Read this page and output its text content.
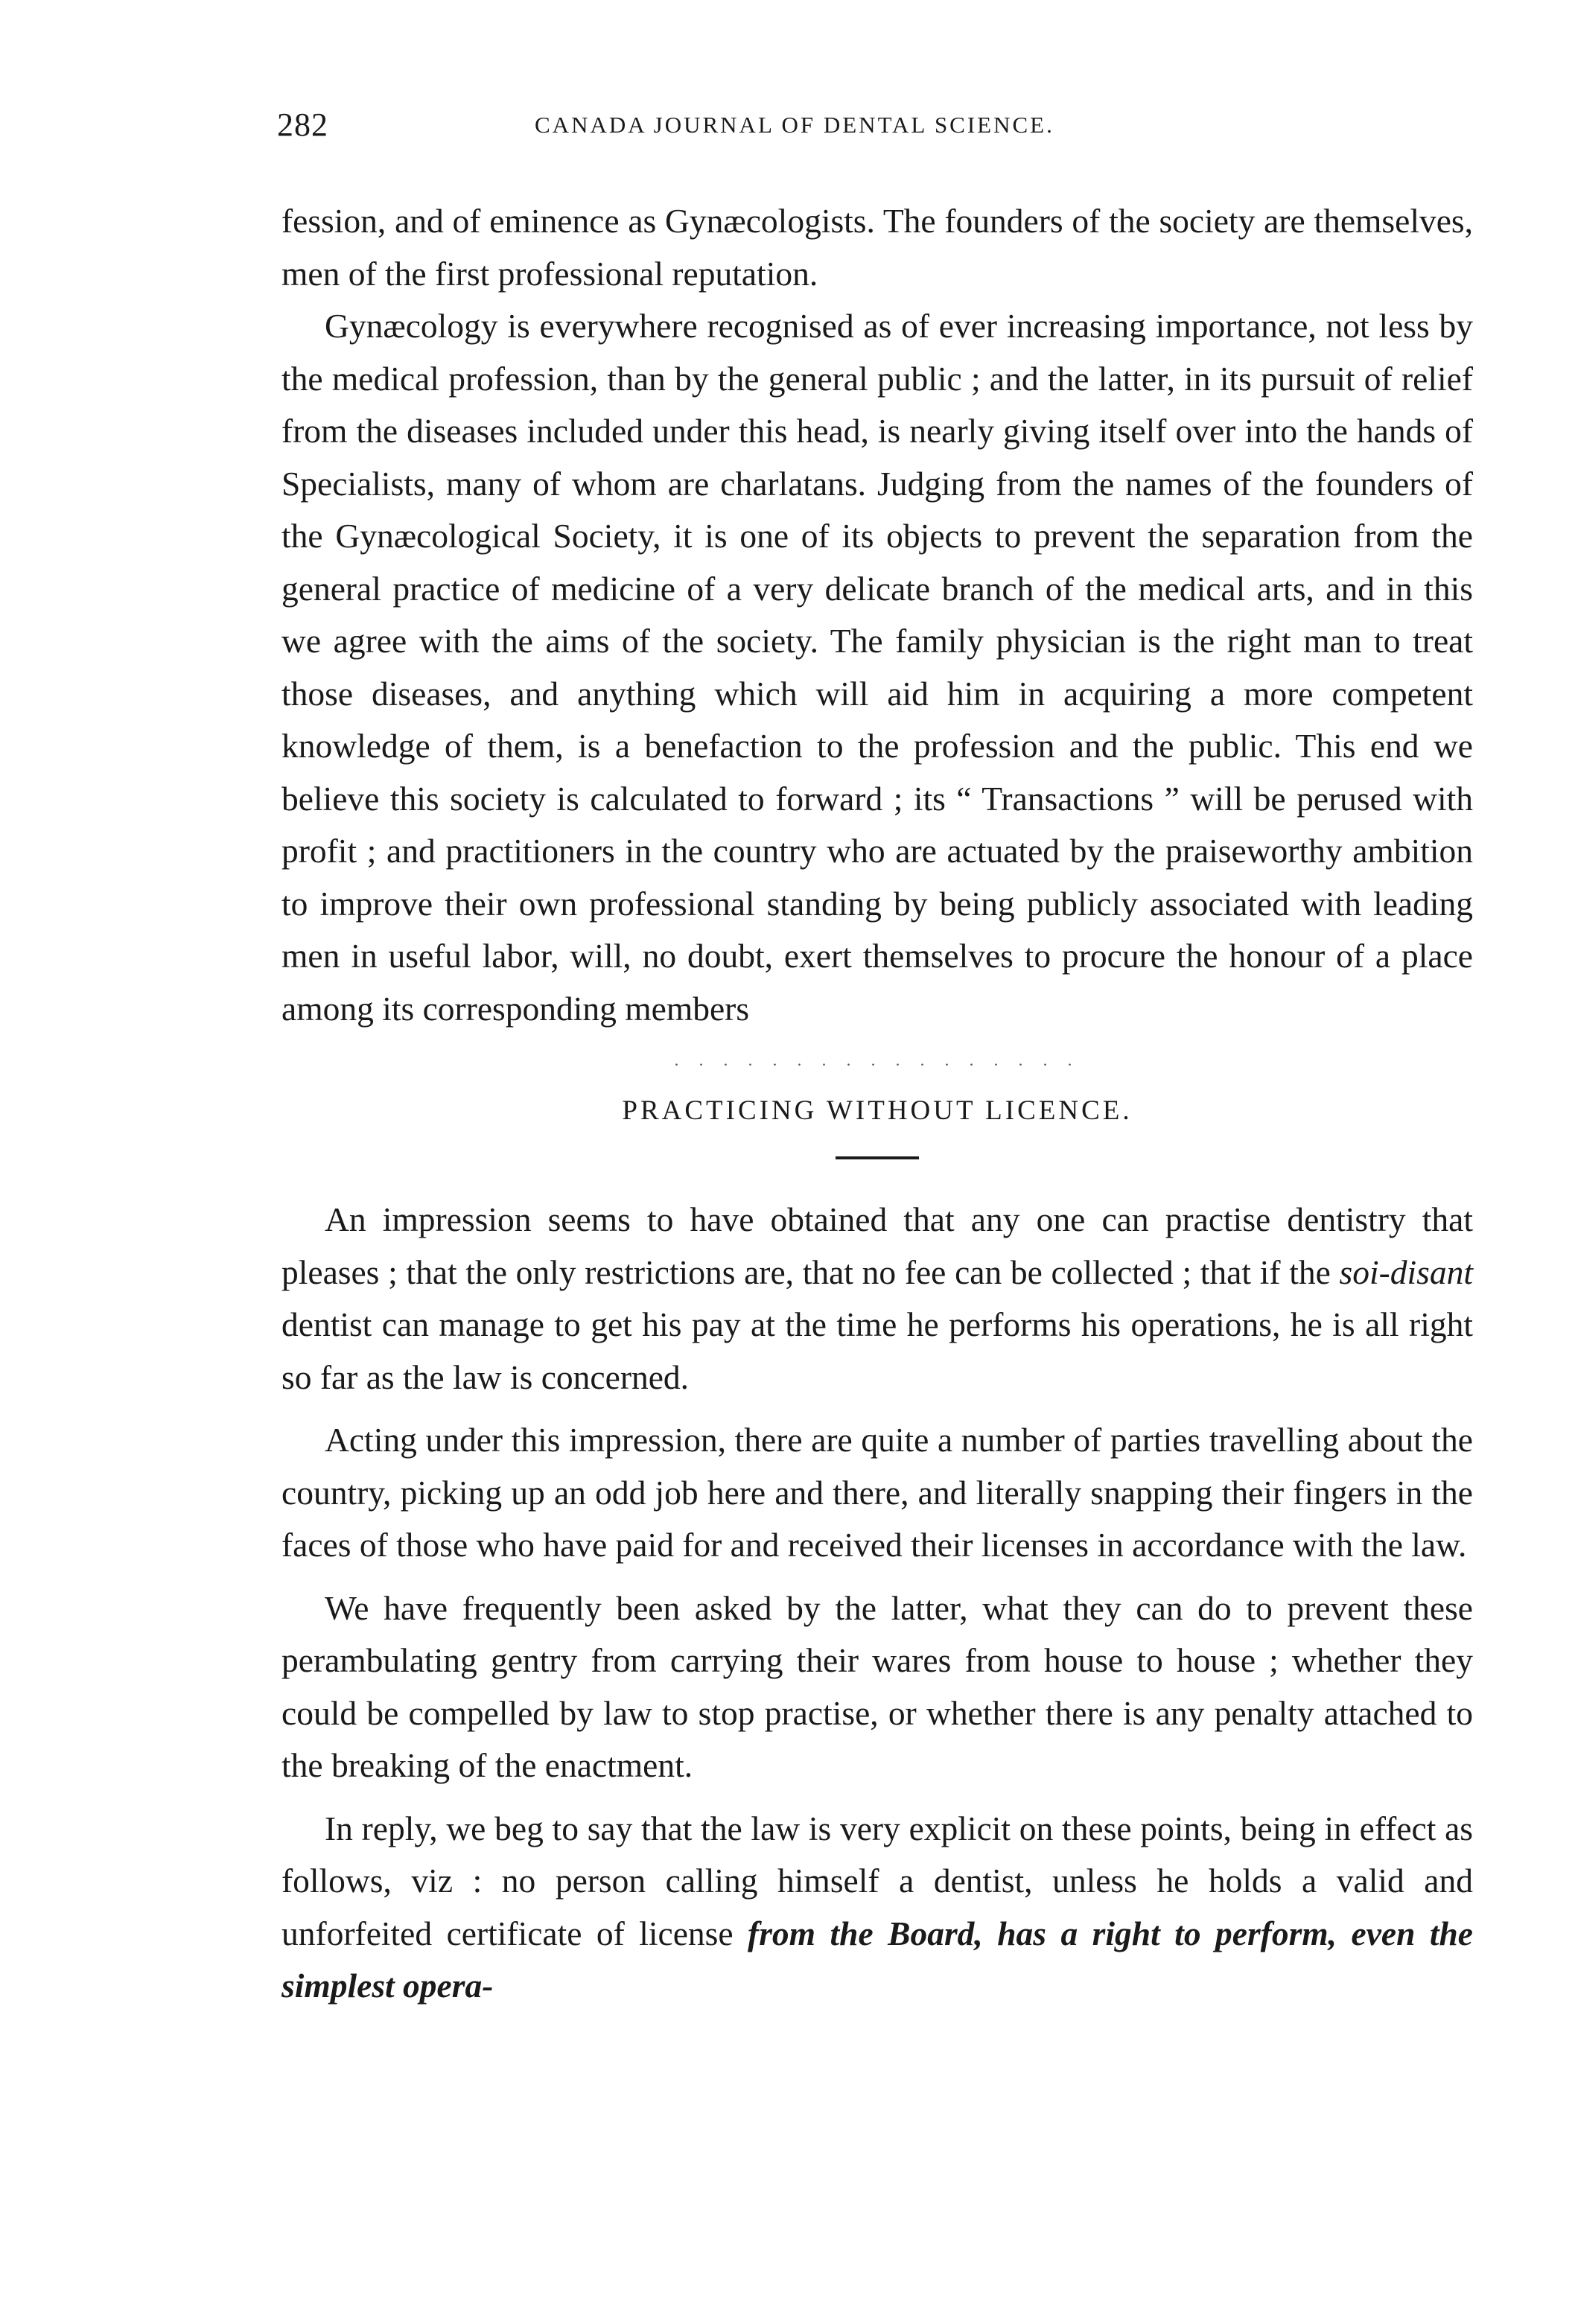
282	CANADA JOURNAL OF DENTAL SCIENCE.

fession, and of eminence as Gynæcologists. The founders of the society are themselves, men of the first professional reputation.

Gynæcology is everywhere recognised as of ever increasing importance, not less by the medical profession, than by the general public ; and the latter, in its pursuit of relief from the diseases included under this head, is nearly giving itself over into the hands of Specialists, many of whom are charlatans. Judging from the names of the founders of the Gynæcological Society, it is one of its objects to prevent the separation from the general practice of medicine of a very delicate branch of the medical arts, and in this we agree with the aims of the society. The family physician is the right man to treat those diseases, and anything which will aid him in acquiring a more competent knowledge of them, is a benefaction to the profession and the public. This end we believe this society is calculated to forward ; its “ Transactions ” will be perused with profit ; and practitioners in the country who are actuated by the praiseworthy ambition to improve their own professional standing by being publicly associated with leading men in useful labor, will, no doubt, exert themselves to procure the honour of a place among its corresponding members

. . . . . . . . . . . . . . . . .
PRACTICING WITHOUT LICENCE.

An impression seems to have obtained that any one can practise dentistry that pleases ; that the only restrictions are, that no fee can be collected ; that if the soi-disant dentist can manage to get his pay at the time he performs his operations, he is all right so far as the law is concerned.

Acting under this impression, there are quite a number of parties travelling about the country, picking up an odd job here and there, and literally snapping their fingers in the faces of those who have paid for and received their licenses in accordance with the law.

We have frequently been asked by the latter, what they can do to prevent these perambulating gentry from carrying their wares from house to house ; whether they could be compelled by law to stop practise, or whether there is any penalty attached to the breaking of the enactment.

In reply, we beg to say that the law is very explicit on these points, being in effect as follows, viz : no person calling himself a dentist, unless he holds a valid and unforfeited certificate of license from the Board, has a right to perform, even the simplest opera-
